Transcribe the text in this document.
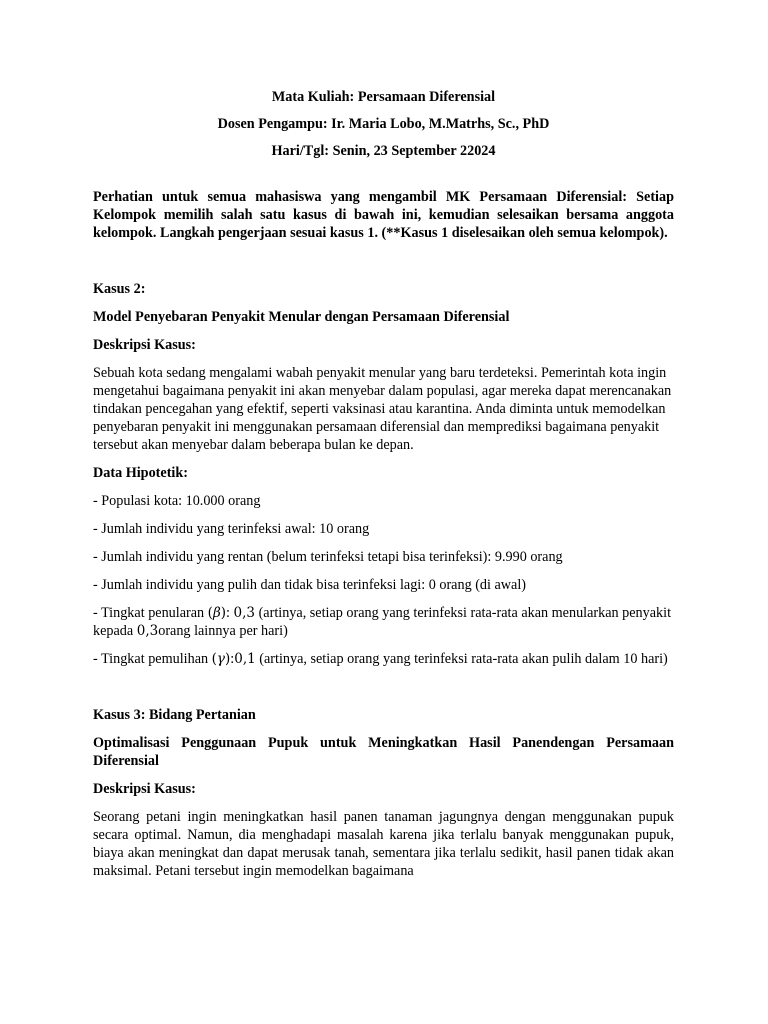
Mata Kuliah: Persamaan Diferensial

Dosen Pengampu: Ir. Maria Lobo, M.Matrhs, Sc., PhD

Hari/Tgl: Senin, 23 September 22024

Perhatian untuk semua mahasiswa yang mengambil MK Persamaan Diferensial: Setiap Kelompok memilih salah satu kasus di bawah ini, kemudian selesaikan bersama anggota kelompok. Langkah pengerjaan sesuai kasus 1. (**Kasus 1 diselesaikan oleh semua kelompok).

Kasus 2:

Model Penyebaran Penyakit Menular dengan Persamaan Diferensial

Deskripsi Kasus:

Sebuah kota sedang mengalami wabah penyakit menular yang baru terdeteksi. Pemerintah kota ingin mengetahui bagaimana penyakit ini akan menyebar dalam populasi, agar mereka dapat merencanakan tindakan pencegahan yang efektif, seperti vaksinasi atau karantina. Anda diminta untuk memodelkan penyebaran penyakit ini menggunakan persamaan diferensial dan memprediksi bagaimana penyakit tersebut akan menyebar dalam beberapa bulan ke depan.

Data Hipotetik:

- Populasi kota: 10.000 orang

- Jumlah individu yang terinfeksi awal: 10 orang

- Jumlah individu yang rentan (belum terinfeksi tetapi bisa terinfeksi): 9.990 orang

- Jumlah individu yang pulih dan tidak bisa terinfeksi lagi: 0 orang (di awal)

- Tingkat penularan (β): 0,3 (artinya, setiap orang yang terinfeksi rata-rata akan menularkan penyakit kepada 0,3orang lainnya per hari)

- Tingkat pemulihan (γ):0,1 (artinya, setiap orang yang terinfeksi rata-rata akan pulih dalam 10 hari)

Kasus 3: Bidang Pertanian

Optimalisasi Penggunaan Pupuk untuk Meningkatkan Hasil Panendengan Persamaan Diferensial

Deskripsi Kasus:

Seorang petani ingin meningkatkan hasil panen tanaman jagungnya dengan menggunakan pupuk secara optimal. Namun, dia menghadapi masalah karena jika terlalu banyak menggunakan pupuk, biaya akan meningkat dan dapat merusak tanah, sementara jika terlalu sedikit, hasil panen tidak akan maksimal. Petani tersebut ingin memodelkan bagaimana
